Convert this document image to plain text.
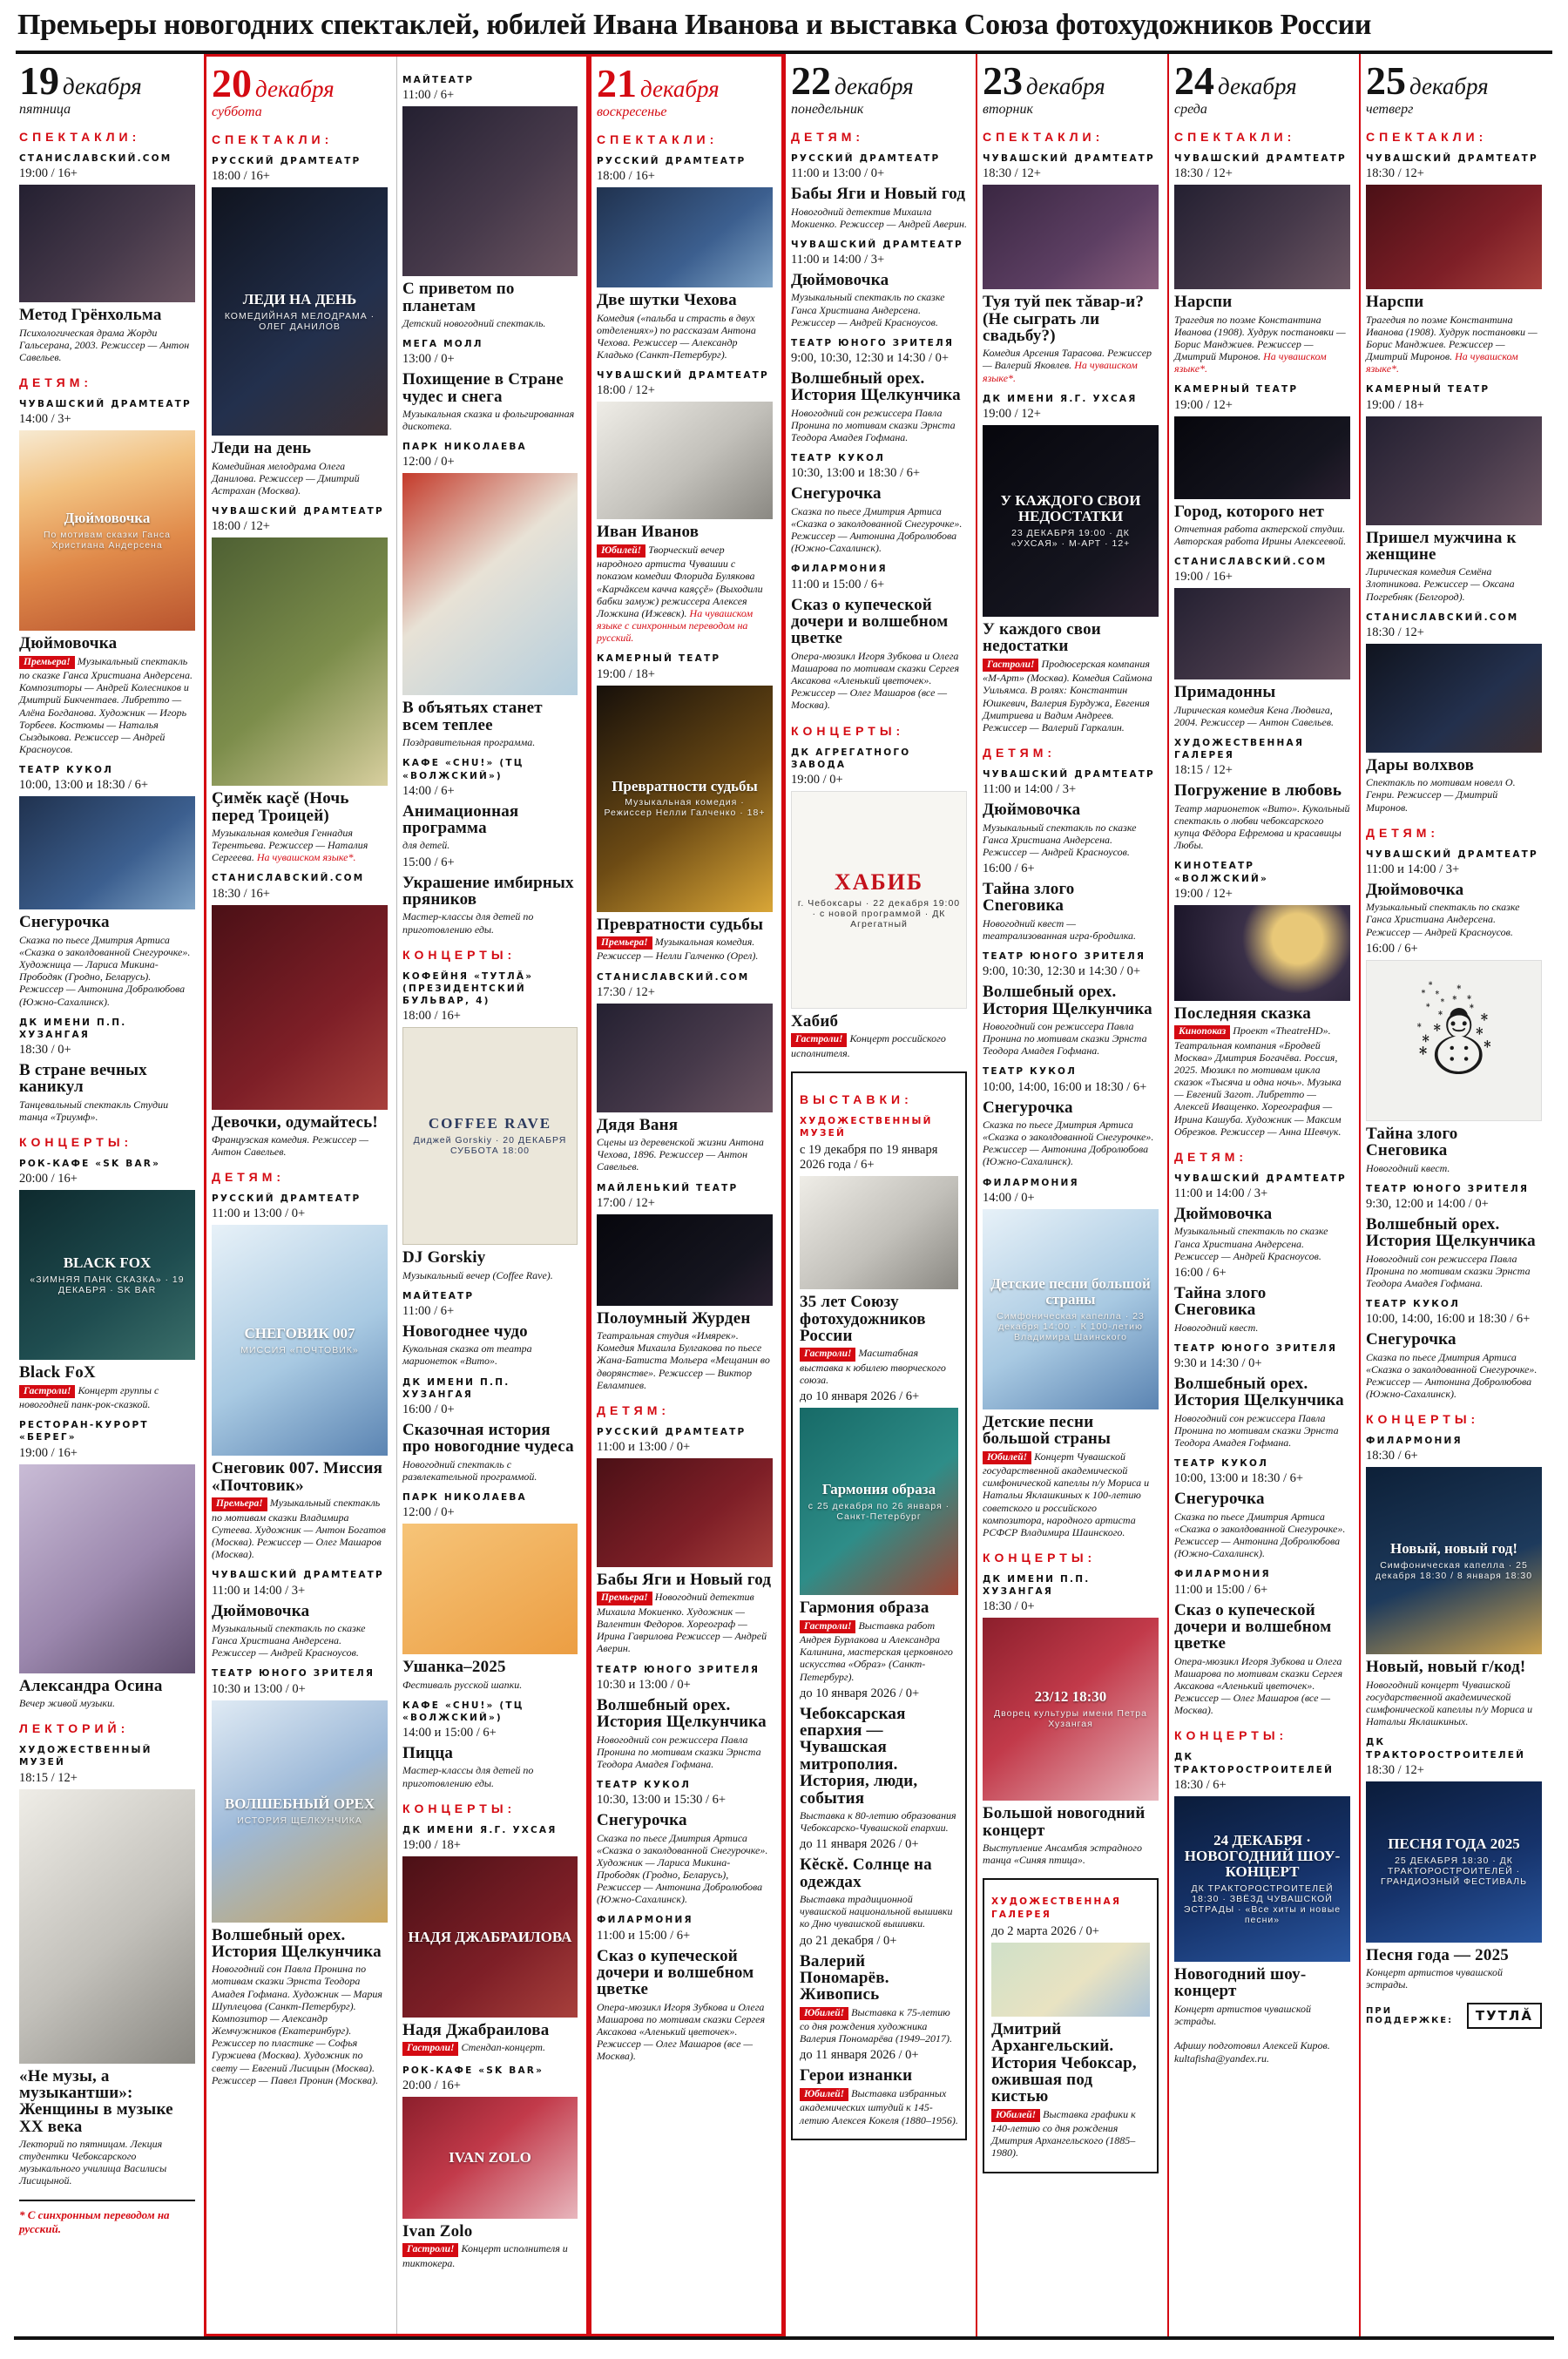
Премьеры новогодних спектаклей, юбилей Ивана Иванова и выставка Союза фотохудожников России
19 декабря
пятница
СПЕКТАКЛИ:
СТАНИСЛАВСКИЙ.СОМ
19:00 / 16+
Метод Грёнхольма

Психологическая драма Жорди Гальсерана, 2003. Режиссер — Антон Савельев.

ДЕТЯМ:
ЧУВАШСКИЙ ДРАМТЕАТР
14:00 / 3+
Дюймовочка
По мотивам сказки Ганса Христиана Андерсена
Дюймовочка

Премьера! Музыкальный спектакль по сказке Ганса Христиана Андерсена. Композиторы — Андрей Колесников и Дмитрий Бикчентаев. Либретто — Алёна Богданова. Художник — Игорь Торбеев. Костюмы — Наталья Сыздыкова. Режиссер — Андрей Красноусов.

ТЕАТР КУКОЛ
10:00, 13:00 и 18:30 / 6+
Снегурочка

Сказка по пьесе Дмитрия Артиса «Сказка о заколдованной Снегурочке». Художница — Лариса Микина-Прободяк (Гродно, Беларусь). Режиссер — Антонина Добролюбова (Южно-Сахалинск).

ДК ИМЕНИ П.П. ХУЗАНГАЯ
18:30 / 0+
В стране вечных каникул

Танцевальный спектакль Студии танца «Триумф».

КОНЦЕРТЫ:
РОК-КАФЕ «SK BAR»
20:00 / 16+
BLACK FOX
«ЗИМНЯЯ ПАНК СКАЗКА» · 19 ДЕКАБРЯ · SK BAR
Black FoX

Гастроли! Концерт группы с новогодней панк-рок-сказкой.

РЕСТОРАН-КУРОРТ «БЕРЕГ»
19:00 / 16+
Александра Осина

Вечер живой музыки.

ЛЕКТОРИЙ:
ХУДОЖЕСТВЕННЫЙ МУЗЕЙ
18:15 / 12+
«Не музы, а музыкантши»: Женщины в музыке XX века

Лекторий по пятницам. Лекция студентки Чебоксарского музыкального училища Василисы Лисицыной.

* С синхронным переводом на русский.
20 декабря
суббота
СПЕКТАКЛИ:
РУССКИЙ ДРАМТЕАТР
18:00 / 16+
ЛЕДИ НА ДЕНЬ
КОМЕДИЙНАЯ МЕЛОДРАМА · ОЛЕГ ДАНИЛОВ
Леди на день

Комедийная мелодрама Олега Данилова. Режиссер — Дмитрий Астрахан (Москва).

ЧУВАШСКИЙ ДРАМТЕАТР
18:00 / 12+
Çимĕк каçĕ (Ночь перед Троицей)

Музыкальная комедия Геннадия Терентьева. Режиссер — Наталия Сергеева. На чувашском языке*.

СТАНИСЛАВСКИЙ.СОМ
18:30 / 16+
Девочки, одумайтесь!

Французская комедия. Режиссер — Антон Савельев.

ДЕТЯМ:
РУССКИЙ ДРАМТЕАТР
11:00 и 13:00 / 0+
СНЕГОВИК 007
МИССИЯ «ПОЧТОВИК»
Снеговик 007. Миссия «Почтовик»

Премьера! Музыкальный спектакль по мотивам сказки Владимира Сутеева. Художник — Антон Богатов (Москва). Режиссер — Олег Машаров (Москва).

ЧУВАШСКИЙ ДРАМТЕАТР
11:00 и 14:00 / 3+
Дюймовочка

Музыкальный спектакль по сказке Ганса Христиана Андерсена. Режиссер — Андрей Красноусов.

ТЕАТР ЮНОГО ЗРИТЕЛЯ
10:30 и 13:00 / 0+
ВОЛШЕБНЫЙ ОРЕХ
ИСТОРИЯ ЩЕЛКУНЧИКА
Волшебный орех. История Щелкунчика

Новогодний сон Павла Пронина по мотивам сказки Эрнста Теодора Амадея Гофмана. Художник — Мария Шуплецова (Санкт-Петербург). Композитор — Александр Жемчужников (Екатеринбург). Режиссер по пластике — Софья Гуржиева (Москва). Художник по свету — Евгений Лисицын (Москва). Режиссер — Павел Пронин (Москва).

МАЙТЕАТР
11:00 / 6+
С приветом по планетам

Детский новогодний спектакль.

МЕГА МОЛЛ
13:00 / 0+
Похищение в Стране чудес и снега

Музыкальная сказка и фольгированная дискотека.

ПАРК НИКОЛАЕВА
12:00 / 0+
В объятьях станет всем теплее

Поздравительная программа.

КАФЕ «CHU!» (ТЦ «ВОЛЖСКИЙ»)
14:00 / 6+
Анимационная программа

для детей.

15:00 / 6+
Украшение имбирных пряников

Мастер-классы для детей по приготовлению еды.

КОНЦЕРТЫ:
КОФЕЙНЯ «ТУТЛĂ» (ПРЕЗИДЕНТСКИЙ БУЛЬВАР, 4)
18:00 / 16+
COFFEE RAVE
Диджей Gorskiy · 20 ДЕКАБРЯ СУББОТА 18:00
DJ Gorskiy

Музыкальный вечер (Coffee Rave).

МАЙТЕАТР
11:00 / 6+
Новогоднее чудо

Кукольная сказка от театра марионеток «Вито».

ДК ИМЕНИ П.П. ХУЗАНГАЯ
16:00 / 0+
Сказочная история про новогодние чудеса

Новогодний спектакль с развлекательной программой.

ПАРК НИКОЛАЕВА
12:00 / 0+
Ушанка–2025

Фестиваль русской шапки.

КАФЕ «CHU!» (ТЦ «ВОЛЖСКИЙ»)
14:00 и 15:00 / 6+
Пицца

Мастер-классы для детей по приготовлению еды.

КОНЦЕРТЫ:
ДК ИМЕНИ Я.Г. УХСАЯ
19:00 / 18+
НАДЯ ДЖАБРАИЛОВА
Надя Джабраилова

Гастроли! Стендап-концерт.

РОК-КАФЕ «SK BAR»
20:00 / 16+
IVAN ZOLO
Ivan Zolo

Гастроли! Концерт исполнителя и тиктокера.

21 декабря
воскресенье
СПЕКТАКЛИ:
РУССКИЙ ДРАМТЕАТР
18:00 / 16+
Две шутки Чехова

Комедия («пальба и страсть в двух отделениях») по рассказам Антона Чехова. Режиссер — Александр Кладько (Санкт-Петербург).

ЧУВАШСКИЙ ДРАМТЕАТР
18:00 / 12+
Иван Иванов

Юбилей! Творческий вечер народного артиста Чувашии с показом комедии Флорида Булякова «Карчăксем качча каяççĕ» (Выходили бабки замуж) режиссера Алексея Ложкина (Ижевск). На чувашском языке с синхронным переводом на русский.

КАМЕРНЫЙ ТЕАТР
19:00 / 18+
Превратности судьбы
Музыкальная комедия · Режиссер Нелли Галченко · 18+
Превратности судьбы

Премьера! Музыкальная комедия. Режиссер — Нелли Галченко (Орел).

СТАНИСЛАВСКИЙ.СОМ
17:30 / 12+
Дядя Ваня

Сцены из деревенской жизни Антона Чехова, 1896. Режиссер — Антон Савельев.

МАЙЛЕНЬКИЙ ТЕАТР
17:00 / 12+
Полоумный Журден

Театральная студия «Имярек». Комедия Михаила Булгакова по пьесе Жана-Батиста Мольера «Мещанин во дворянстве». Режиссер — Виктор Евлампиев.

ДЕТЯМ:
РУССКИЙ ДРАМТЕАТР
11:00 и 13:00 / 0+
Бабы Яги и Новый год

Премьера! Новогодний детектив Михаила Мокиенко. Художник — Валентин Федоров. Хореограф — Ирина Гаврилова Режиссер — Андрей Аверин.

ТЕАТР ЮНОГО ЗРИТЕЛЯ
10:30 и 13:00 / 0+
Волшебный орех. История Щелкунчика

Новогодний сон режиссера Павла Пронина по мотивам сказки Эрнста Теодора Амадея Гофмана.

ТЕАТР КУКОЛ
10:30, 13:00 и 15:30 / 6+
Снегурочка

Сказка по пьесе Дмитрия Артиса «Сказка о заколдованной Снегурочке». Художник — Лариса Микина-Прободяк (Гродно, Беларусь), Режиссер — Антонина Добролюбова (Южно-Сахалинск).

ФИЛАРМОНИЯ
11:00 и 15:00 / 6+
Сказ о купеческой дочери и волшебном цветке

Опера-мюзикл Игоря Зубкова и Олега Машарова по мотивам сказки Сергея Аксакова «Аленький цветочек». Режиссер — Олег Машаров (все — Москва).

22 декабря
понедельник
ДЕТЯМ:
РУССКИЙ ДРАМТЕАТР
11:00 и 13:00 / 0+
Бабы Яги и Новый год

Новогодний детектив Михаила Мокиенко. Режиссер — Андрей Аверин.

ЧУВАШСКИЙ ДРАМТЕАТР
11:00 и 14:00 / 3+
Дюймовочка

Музыкальный спектакль по сказке Ганса Христиана Андерсена. Режиссер — Андрей Красноусов.

ТЕАТР ЮНОГО ЗРИТЕЛЯ
9:00, 10:30, 12:30 и 14:30 / 0+
Волшебный орех. История Щелкунчика

Новогодний сон режиссера Павла Пронина по мотивам сказки Эрнста Теодора Амадея Гофмана.

ТЕАТР КУКОЛ
10:30, 13:00 и 18:30 / 6+
Снегурочка

Сказка по пьесе Дмитрия Артиса «Сказка о заколдованной Снегурочке». Режиссер — Антонина Добролюбова (Южно-Сахалинск).

ФИЛАРМОНИЯ
11:00 и 15:00 / 6+
Сказ о купеческой дочери и волшебном цветке

Опера-мюзикл Игоря Зубкова и Олега Машарова по мотивам сказки Сергея Аксакова «Аленький цветочек». Режиссер — Олег Машаров (все — Москва).

КОНЦЕРТЫ:
ДК АГРЕГАТНОГО ЗАВОДА
19:00 / 0+
ХАБИБ
г. Чебоксары · 22 декабря 19:00 · с новой программой · ДК Агрегатный
Хабиб

Гастроли! Концерт российского исполнителя.

ВЫСТАВКИ:
ХУДОЖЕСТВЕННЫЙ МУЗЕЙ
с 19 декабря по 19 января 2026 года / 6+
35 лет Союзу фотохудожников России

Гастроли! Масштабная выставка к юбилею творческого союза.

до 10 января 2026 / 6+
Гармония образа
с 25 декабря по 26 января · Санкт-Петербург
Гармония образа

Гастроли! Выставка работ Андрея Бурлакова и Александра Калинина, мастерская церковного искусства «Образ» (Санкт-Петербург).

до 10 января 2026 / 0+
Чебоксарская епархия — Чувашская митрополия. История, люди, события

Выставка к 80-летию образования Чебоксарско-Чувашской епархии.

до 11 января 2026 / 0+
Кĕскĕ. Солнце на одеждах

Выставка традиционной чувашской национальной вышивки ко Дню чувашской вышивки.

до 21 декабря / 0+
Валерий Пономарёв. Живопись

Юбилей! Выставка к 75-летию со дня рождения художника Валерия Пономарёва (1949–2017).

до 11 января 2026 / 0+
Герои изнанки

Юбилей! Выставка избранных академических штудий к 145-летию Алексея Кокеля (1880–1956).

23 декабря
вторник
СПЕКТАКЛИ:
ЧУВАШСКИЙ ДРАМТЕАТР
18:30 / 12+
Туя туй пек тăвар-и? (Не сыграть ли свадьбу?)

Комедия Арсения Тарасова. Режиссер — Валерий Яковлев. На чувашском языке*.

ДК ИМЕНИ Я.Г. УХСАЯ
19:00 / 12+
У КАЖДОГО СВОИ НЕДОСТАТКИ
23 ДЕКАБРЯ 19:00 · ДК «УХСАЯ» · М-АРТ · 12+
У каждого свои недостатки

Гастроли! Продюсерская компания «М-Арт» (Москва). Комедия Саймона Уильямса. В ролях: Константин Юшкевич, Валерия Бурдужа, Евгения Дмитриева и Вадим Андреев. Режиссер — Валерий Гаркалин.

ДЕТЯМ:
ЧУВАШСКИЙ ДРАМТЕАТР
11:00 и 14:00 / 3+
Дюймовочка

Музыкальный спектакль по сказке Ганса Христиана Андерсена. Режиссер — Андрей Красноусов.

16:00 / 6+
Тайна злого Сneговика

Новогодний квест — театрализованная игра-бродилка.

ТЕАТР ЮНОГО ЗРИТЕЛЯ
9:00, 10:30, 12:30 и 14:30 / 0+
Волшебный орех. История Щелкунчика

Новогодний сон режиссера Павла Пронина по мотивам сказки Эрнста Теодора Амадея Гофмана.

ТЕАТР КУКОЛ
10:00, 14:00, 16:00 и 18:30 / 6+
Снегурочка

Сказка по пьесе Дмитрия Артиса «Сказка о заколдованной Снегурочке». Режиссер — Антонина Добролюбова (Южно-Сахалинск).

ФИЛАРМОНИЯ
14:00 / 0+
Детские песни большой страны
Симфоническая капелла · 23 декабря 14:00 · К 100-летию Владимира Шаинского
Детские песни большой страны

Юбилей! Концерт Чувашской государственной академической симфонической капеллы п/у Мориса и Натальи Яклашкиных к 100-летию советского и российского композитора, народного артиста РСФСР Владимира Шаинского.

КОНЦЕРТЫ:
ДК ИМЕНИ П.П. ХУЗАНГАЯ
18:30 / 0+
23/12 18:30
Дворец культуры имени Петра Хузангая
Большой новогодний концерт

Выступление Ансамбля эстрадного танца «Синяя птица».

ХУДОЖЕСТВЕННАЯ ГАЛЕРЕЯ
до 2 марта 2026 / 0+
Дмитрий Архангельский. История Чебоксар, ожившая под кистью

Юбилей! Выставка графики к 140-летию со дня рождения Дмитрия Архангельского (1885–1980).

24 декабря
среда
СПЕКТАКЛИ:
ЧУВАШСКИЙ ДРАМТЕАТР
18:30 / 12+
Нарспи

Трагедия по поэме Константина Иванова (1908). Худрук постановки — Борис Манджиев. Режиссер — Дмитрий Миронов. На чувашском языке*.

КАМЕРНЫЙ ТЕАТР
19:00 / 12+
Город, которого нет

Отчетная работа актерской студии. Авторская работа Ирины Алексеевой.

СТАНИСЛАВСКИЙ.СОМ
19:00 / 16+
Примадонны

Лирическая комедия Кена Людвига, 2004. Режиссер — Антон Савельев.

ХУДОЖЕСТВЕННАЯ ГАЛЕРЕЯ
18:15 / 12+
Погружение в любовь

Театр марионеток «Вито». Кукольный спектакль о любви чебоксарского купца Фёдора Ефремова и красавицы Любы.

КИНОТЕАТР «ВОЛЖСКИЙ»
19:00 / 12+
Последняя сказка

Кинопоказ Проект «TheatreHD». Театральная компания «Бродвей Москва» Дмитрия Богачёва. Россия, 2025. Мюзикл по мотивам цикла сказок «Тысяча и одна ночь». Музыка — Евгений Загот. Либретто — Алексей Иващенко. Хореография — Ирина Кашуба. Художник — Максим Обрезков. Режиссер — Анна Шевчук.

ДЕТЯМ:
ЧУВАШСКИЙ ДРАМТЕАТР
11:00 и 14:00 / 3+
Дюймовочка

Музыкальный спектакль по сказке Ганса Христиана Андерсена. Режиссер — Андрей Красноусов.

16:00 / 6+
Тайна злого Снеговика

Новогодний квест.

ТЕАТР ЮНОГО ЗРИТЕЛЯ
9:30 и 14:30 / 0+
Волшебный орех. История Щелкунчика

Новогодний сон режиссера Павла Пронина по мотивам сказки Эрнста Теодора Амадея Гофмана.

ТЕАТР КУКОЛ
10:00, 13:00 и 18:30 / 6+
Снегурочка

Сказка по пьесе Дмитрия Артиса «Сказка о заколдованной Снегурочке». Режиссер — Антонина Добролюбова (Южно-Сахалинск).

ФИЛАРМОНИЯ
11:00 и 15:00 / 6+
Сказ о купеческой дочери и волшебном цветке

Опера-мюзикл Игоря Зубкова и Олега Машарова по мотивам сказки Сергея Аксакова «Аленький цветочек». Режиссер — Олег Машаров (все — Москва).

КОНЦЕРТЫ:
ДК ТРАКТОРОСТРОИТЕЛЕЙ
18:30 / 6+
24 ДЕКАБРЯ · НОВОГОДНИЙ ШОУ-КОНЦЕРТ
ДК ТРАКТОРОСТРОИТЕЛЕЙ 18:30 · ЗВЁЗД ЧУВАШСКОЙ ЭСТРАДЫ · «Все хиты и новые песни»
Новогодний шоу-концерт

Концерт артистов чувашской эстрады.

Афишу подготовил Алексей Киров. kultafisha@yandex.ru.
25 декабря
четверг
СПЕКТАКЛИ:
ЧУВАШСКИЙ ДРАМТЕАТР
18:30 / 12+
Нарспи

Трагедия по поэме Константина Иванова (1908). Худрук постановки — Борис Манджиев. Режиссер — Дмитрий Миронов. На чувашском языке*.

КАМЕРНЫЙ ТЕАТР
19:00 / 18+
Пришел мужчина к женщине

Лирическая комедия Семёна Злотникова. Режиссер — Оксана Погребняк (Белгород).

СТАНИСЛАВСКИЙ.СОМ
18:30 / 12+
Дары волхвов

Спектакль по мотивам новелл О. Генри. Режиссер — Дмитрий Миронов.

ДЕТЯМ:
ЧУВАШСКИЙ ДРАМТЕАТР
11:00 и 14:00 / 3+
Дюймовочка

Музыкальный спектакль по сказке Ганса Христиана Андерсена. Режиссер — Андрей Красноусов.

16:00 / 6+
☃
Тайна злого Снеговика

Новогодний квест.

ТЕАТР ЮНОГО ЗРИТЕЛЯ
9:30, 12:00 и 14:00 / 0+
Волшебный орех. История Щелкунчика

Новогодний сон режиссера Павла Пронина по мотивам сказки Эрнста Теодора Амадея Гофмана.

ТЕАТР КУКОЛ
10:00, 14:00, 16:00 и 18:30 / 6+
Снегурочка

Сказка по пьесе Дмитрия Артиса «Сказка о заколдованной Снегурочке». Режиссер — Антонина Добролюбова (Южно-Сахалинск).

КОНЦЕРТЫ:
ФИЛАРМОНИЯ
18:30 / 6+
Новый, новый год!
Симфоническая капелла · 25 декабря 18:30 / 8 января 18:30
Новый, новый г/код!

Новогодний концерт Чувашской государственной академической симфонической капеллы п/у Мориса и Натальи Яклашкиных.

ДК ТРАКТОРОСТРОИТЕЛЕЙ
18:30 / 12+
ПЕСНЯ ГОДА 2025
25 ДЕКАБРЯ 18:30 · ДК ТРАКТОРОСТРОИТЕЛЕЙ · ГРАНДИОЗНЫЙ ФЕСТИВАЛЬ
Песня года — 2025

Концерт артистов чувашской эстрады.

ПРИ ПОДДЕРЖКЕ:	ТУТЛĂ
